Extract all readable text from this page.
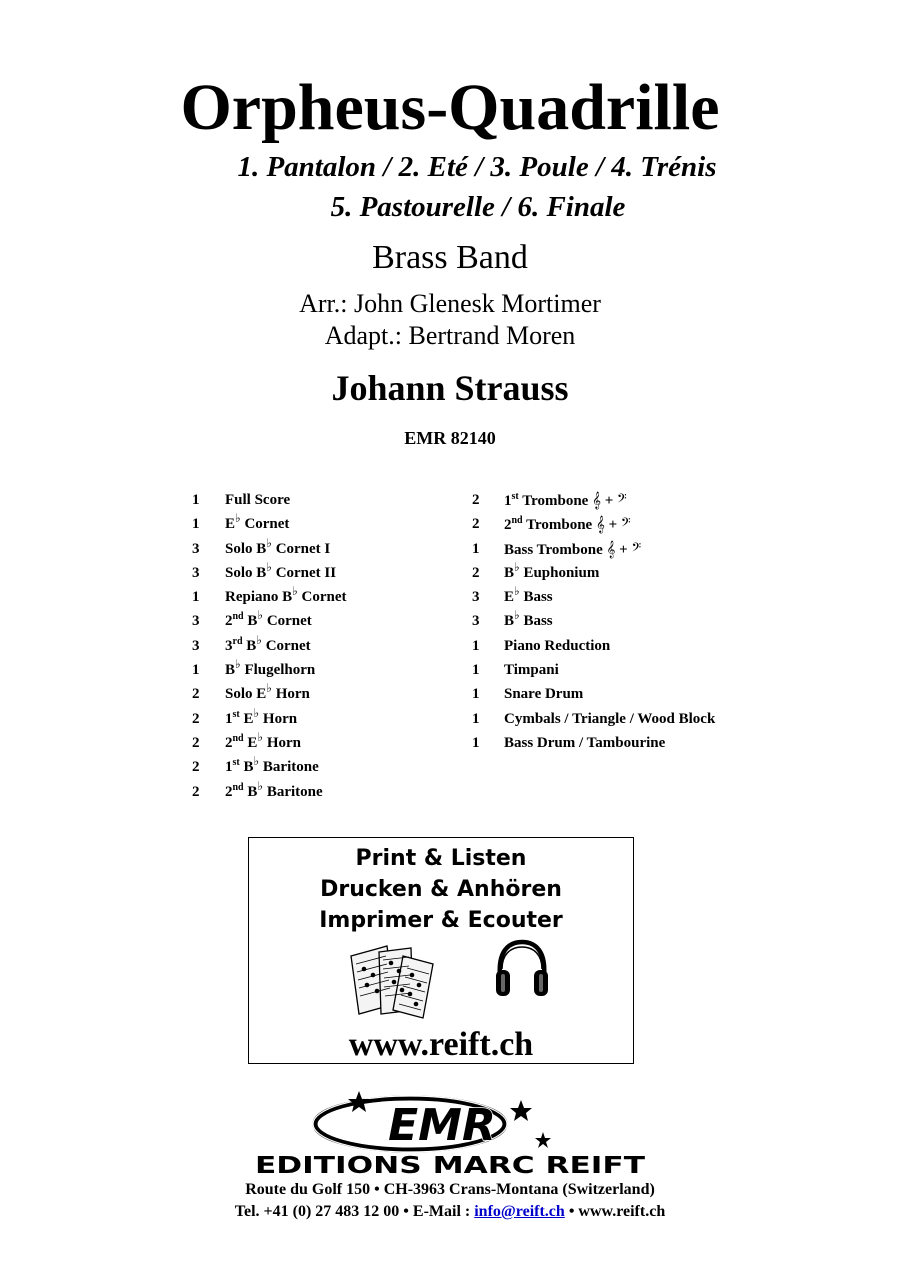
Orpheus-Quadrille
1. Pantalon / 2. Eté / 3. Poule / 4. Trénis
5. Pastourelle / 6. Finale
Brass Band
Arr.: John Glenesk Mortimer
Adapt.: Bertrand Moren
Johann Strauss
EMR 82140
1	Full Score
1	E♭ Cornet
3	Solo B♭ Cornet I
3	Solo B♭ Cornet II
1	Repiano B♭ Cornet
3	2nd B♭ Cornet
3	3rd B♭ Cornet
1	B♭ Flugelhorn
2	Solo E♭ Horn
2	1st E♭ Horn
2	2nd E♭ Horn
2	1st B♭ Baritone
2	2nd B♭ Baritone
2	1st Trombone 𝄞 + 𝄢
2	2nd Trombone 𝄞 + 𝄢
1	Bass Trombone 𝄞 + 𝄢
2	B♭ Euphonium
3	E♭ Bass
3	B♭ Bass
1	Piano Reduction
1	Timpani
1	Snare Drum
1	Cymbals / Triangle / Wood Block
1	Bass Drum / Tambourine
Print & Listen
Drucken & Anhören
Imprimer & Ecouter
www.reift.ch
EMR
EDITIONS MARC REIFT
Route du Golf 150 • CH-3963 Crans-Montana (Switzerland)
Tel. +41 (0) 27 483 12 00 • E-Mail : info@reift.ch • www.reift.ch
